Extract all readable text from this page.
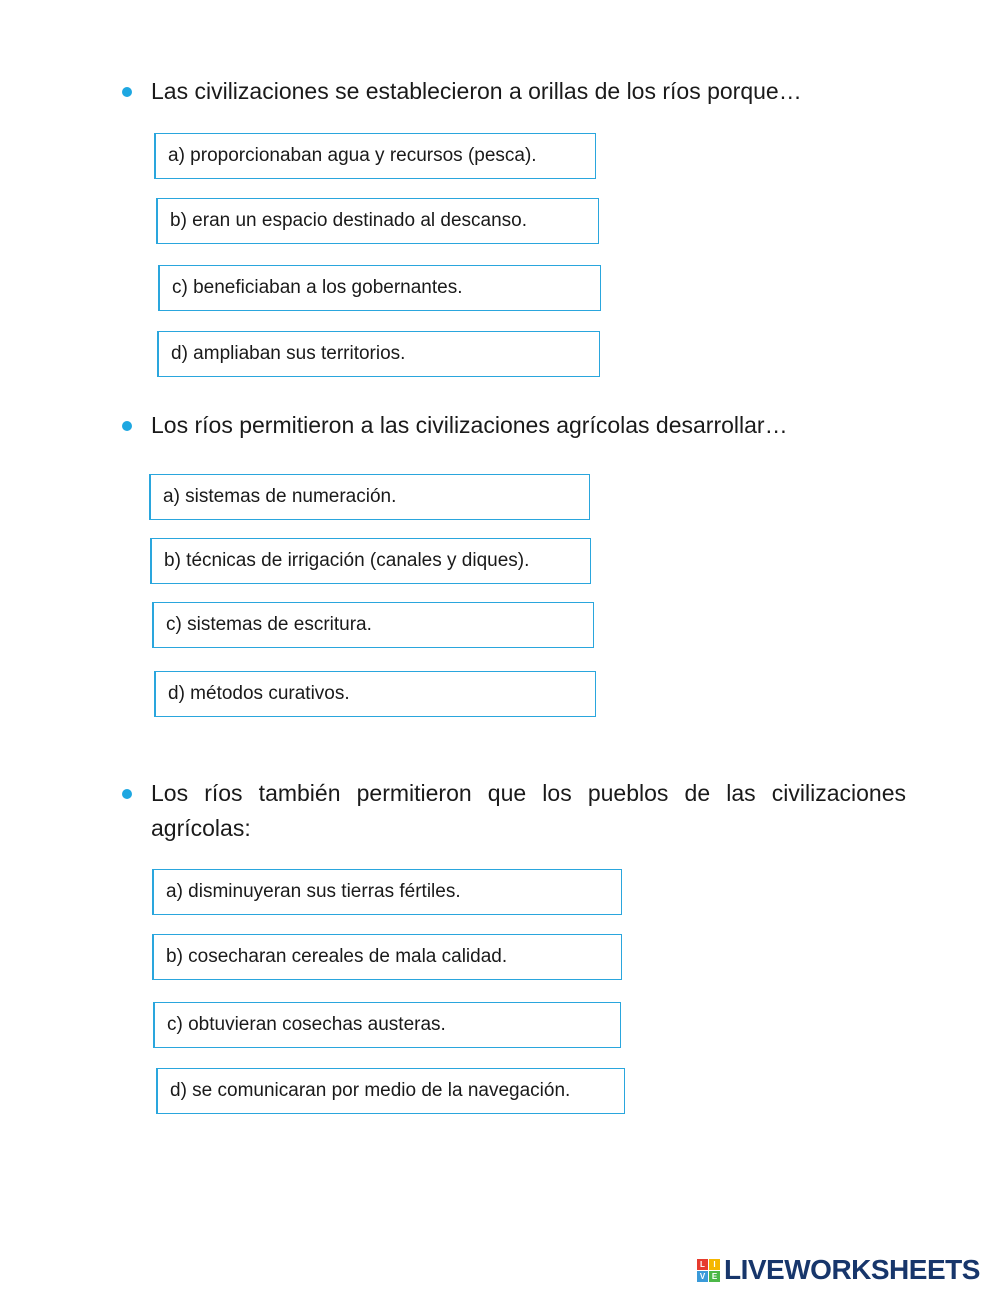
Las civilizaciones se establecieron a orillas de los ríos porque…
a) proporcionaban agua y recursos (pesca).
b) eran un espacio destinado al descanso.
c) beneficiaban a los gobernantes.
d) ampliaban sus territorios.
Los ríos permitieron a las civilizaciones agrícolas desarrollar…
a) sistemas de numeración.
b) técnicas de irrigación (canales y diques).
c) sistemas de escritura.
d) métodos curativos.
Los ríos también permitieron que los pueblos de las civilizaciones agrícolas:
a) disminuyeran sus tierras fértiles.
b) cosecharan cereales de mala calidad.
c) obtuvieran cosechas austeras.
d) se comunicaran por medio de la navegación.
L	I
V E LIVEWORKSHEETS
